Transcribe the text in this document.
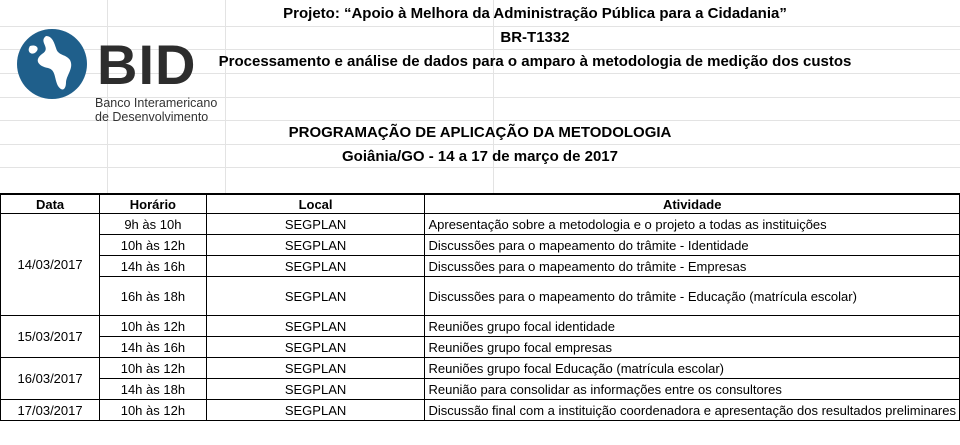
BID
Banco Interamericano
de Desenvolvimento
Projeto: “Apoio à Melhora da Administração Pública para a Cidadania”
BR-T1332
Processamento e análise de dados para o amparo à metodologia de medição dos custos
PROGRAMAÇÃO DE APLICAÇÃO DA METODOLOGIA
Goiânia/GO - 14 a 17 de março de 2017
Data	Horário	Local	Atividade
14/03/2017	9h às 10h	SEGPLAN	Apresentação sobre a metodologia e o projeto a todas as instituições
	10h às 12h	SEGPLAN	Discussões para o mapeamento do trâmite - Identidade
	14h às 16h	SEGPLAN	Discussões para o mapeamento do trâmite - Empresas
	16h às 18h	SEGPLAN	Discussões para o mapeamento do trâmite - Educação (matrícula escolar)
15/03/2017	10h às 12h	SEGPLAN	Reuniões grupo focal identidade
	14h às 16h	SEGPLAN	Reuniões grupo focal empresas
16/03/2017	10h às 12h	SEGPLAN	Reuniões grupo focal Educação (matrícula escolar)
	14h às 18h	SEGPLAN	Reunião para consolidar as informações entre os consultores
17/03/2017	10h às 12h	SEGPLAN	Discussão final com a instituição coordenadora e apresentação dos resultados preliminares
